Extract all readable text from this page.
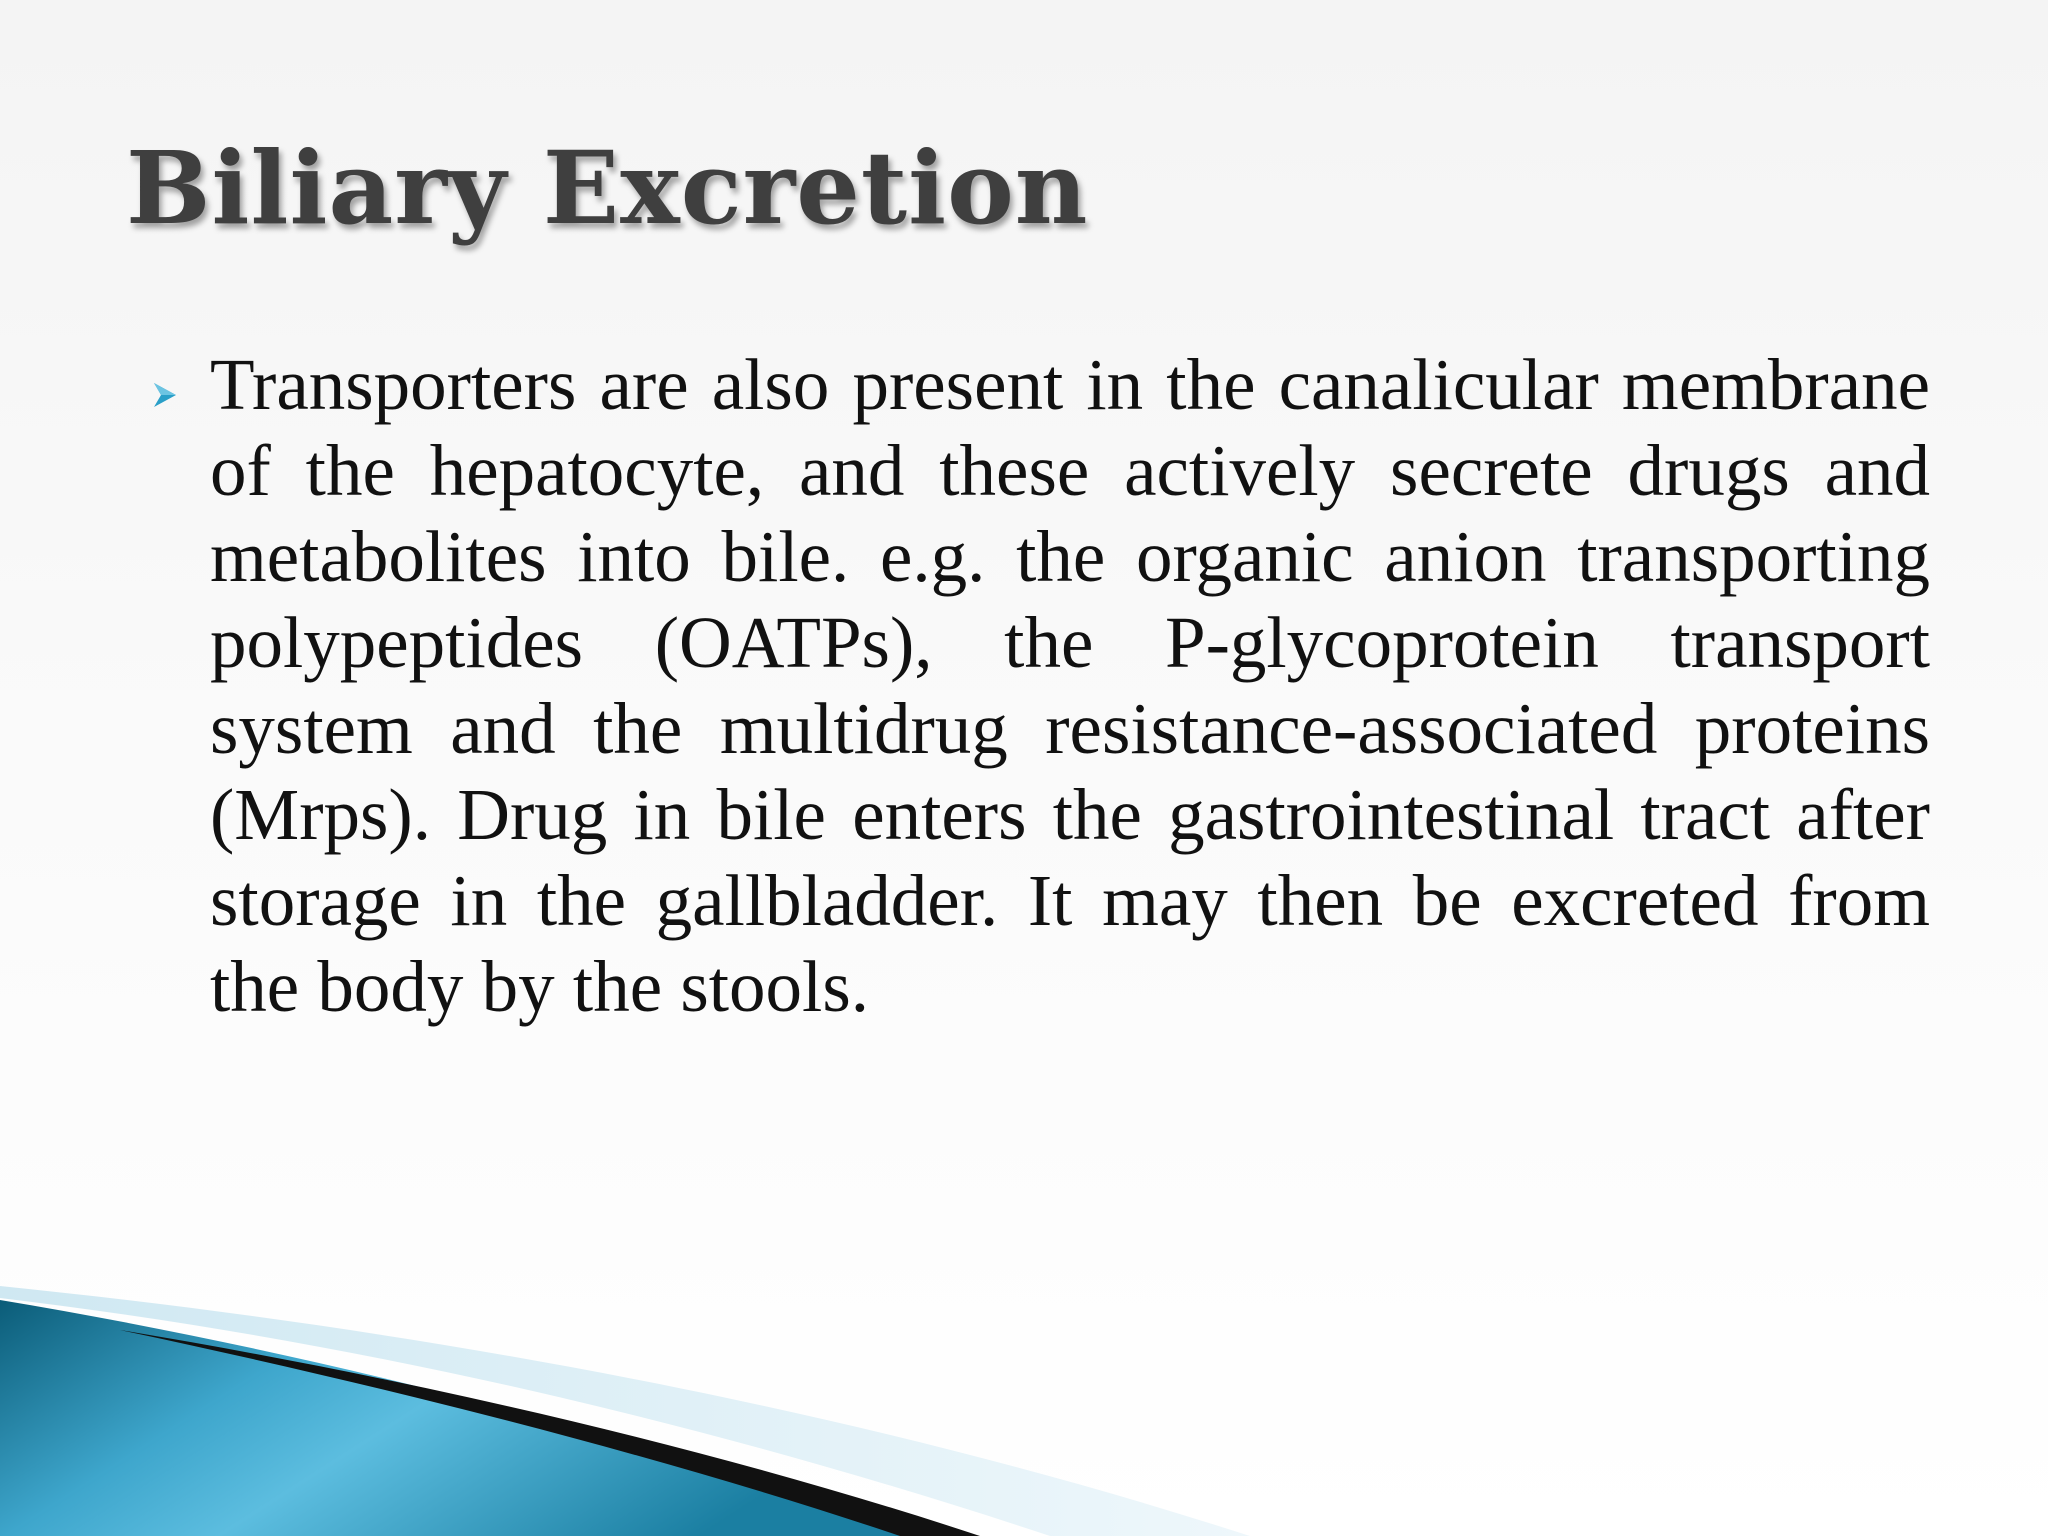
Biliary Excretion

Transporters are also present in the canalicular membrane of the hepatocyte, and these actively secrete drugs and metabolites into bile. e.g. the organic anion transporting polypeptides (OATPs), the P-glycoprotein transport system and the multidrug resistance-associated proteins (Mrps). Drug in bile enters the gastrointestinal tract after storage in the gallbladder. It may then be excreted from the body by the stools.
